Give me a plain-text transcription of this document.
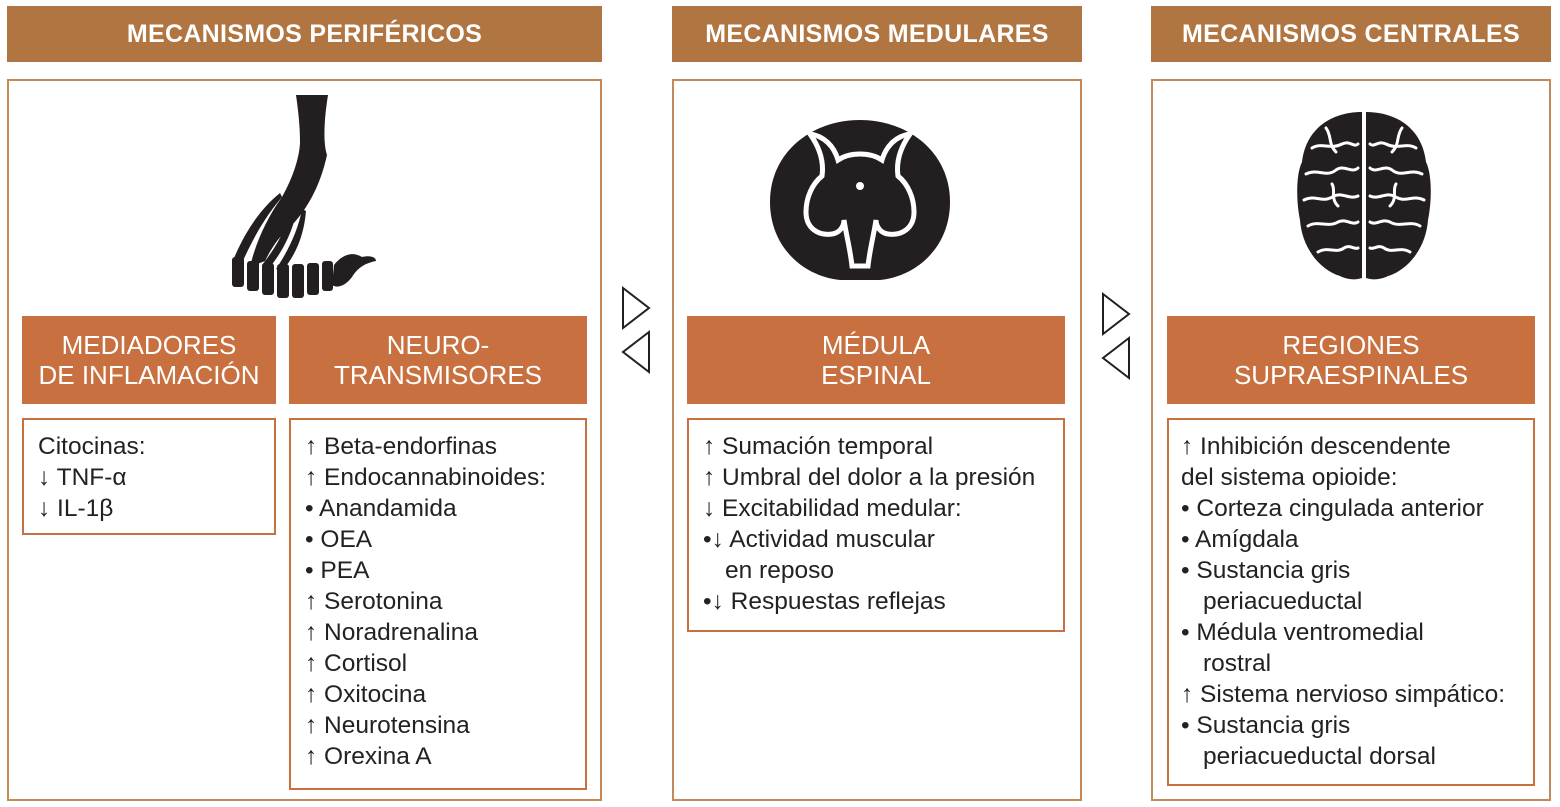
MECANISMOS PERIFÉRICOS
MEDIADORES
DE INFLAMACIÓN
NEURO-
TRANSMISORES
Citocinas:
↓ TNF-α
↓ IL-1β
↑ Beta-endorfinas
↑ Endocannabinoides:
• Anandamida
• OEA
• PEA
↑ Serotonina
↑ Noradrenalina
↑ Cortisol
↑ Oxitocina
↑ Neurotensina
↑ Orexina A
MECANISMOS MEDULARES
MÉDULA
ESPINAL
↑ Sumación temporal
↑ Umbral del dolor a la presión
↓ Excitabilidad medular:
•↓ Actividad muscular
en reposo
•↓ Respuestas reflejas
MECANISMOS CENTRALES
REGIONES
SUPRAESPINALES
↑ Inhibición descendente
del sistema opioide:
• Corteza cingulada anterior
• Amígdala
• Sustancia gris
periacueductal
• Médula ventromedial
rostral
↑ Sistema nervioso simpático:
• Sustancia gris
periacueductal dorsal
